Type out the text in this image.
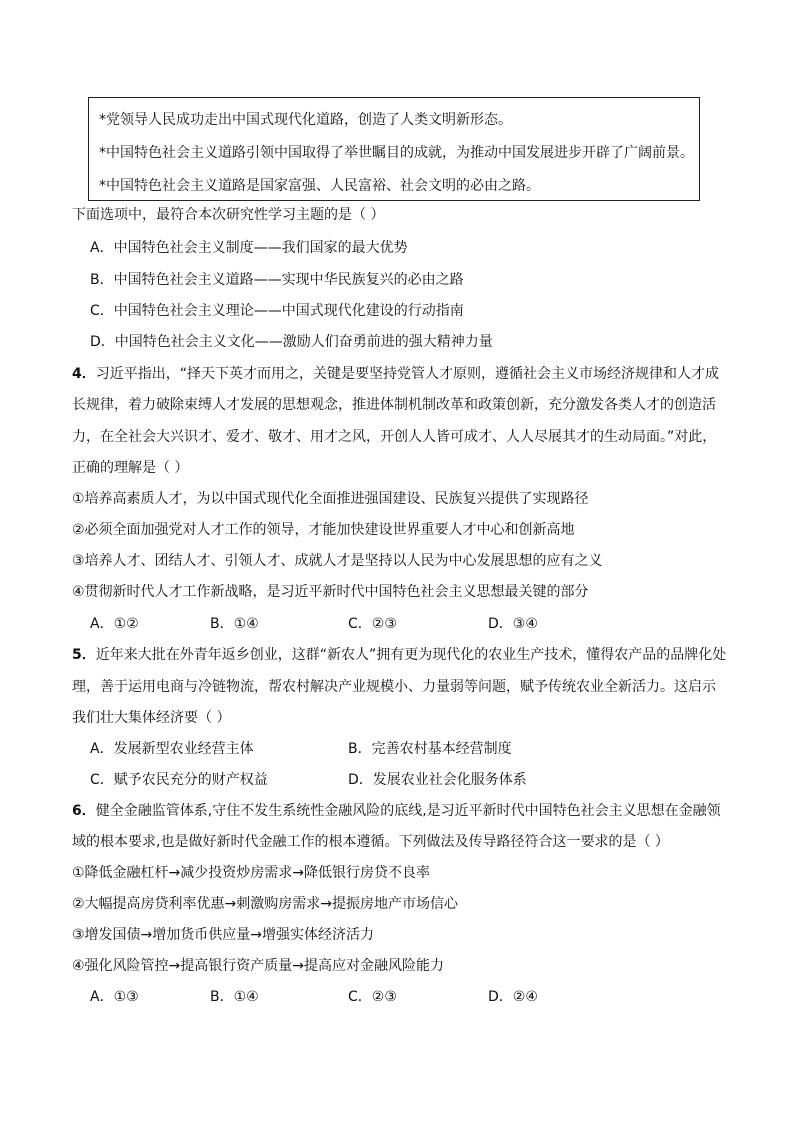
*党领导人民成功走出中国式现代化道路，创造了人类文明新形态。
*中国特色社会主义道路引领中国取得了举世瞩目的成就，为推动中国发展进步开辟了广阔前景。
*中国特色社会主义道路是国家富强、人民富裕、社会文明的必由之路。
下面选项中，最符合本次研究性学习主题的是（ ）
A．中国特色社会主义制度——我们国家的最大优势
B．中国特色社会主义道路——实现中华民族复兴的必由之路
C．中国特色社会主义理论——中国式现代化建设的行动指南
D．中国特色社会主义文化——激励人们奋勇前进的强大精神力量
4．习近平指出，“择天下英才而用之，关键是要坚持党管人才原则，遵循社会主义市场经济规律和人才成
长规律，着力破除束缚人才发展的思想观念，推进体制机制改革和政策创新，充分激发各类人才的创造活
力，在全社会大兴识才、爱才、敬才、用才之风，开创人人皆可成才、人人尽展其才的生动局面。”对此，
正确的理解是（ ）
①培养高素质人才，为以中国式现代化全面推进强国建设、民族复兴提供了实现路径
②必须全面加强党对人才工作的领导，才能加快建设世界重要人才中心和创新高地
③培养人才、团结人才、引领人才、成就人才是坚持以人民为中心发展思想的应有之义
④贯彻新时代人才工作新战略，是习近平新时代中国特色社会主义思想最关键的部分
A．①②	B．①④	C．②③	D．③④
5．近年来大批在外青年返乡创业，这群“新农人”拥有更为现代化的农业生产技术，懂得农产品的品牌化处
理，善于运用电商与冷链物流，帮农村解决产业规模小、力量弱等问题，赋予传统农业全新活力。这启示
我们壮大集体经济要（ ）
A．发展新型农业经营主体	B．完善农村基本经营制度
C．赋予农民充分的财产权益	D．发展农业社会化服务体系
6．健全金融监管体系,守住不发生系统性金融风险的底线,是习近平新时代中国特色社会主义思想在金融领
域的根本要求,也是做好新时代金融工作的根本遵循。下列做法及传导路径符合这一要求的是（ ）
①降低金融杠杆→减少投资炒房需求→降低银行房贷不良率
②大幅提高房贷利率优惠→刺激购房需求→提振房地产市场信心
③增发国债→增加货币供应量→增强实体经济活力
④强化风险管控→提高银行资产质量→提高应对金融风险能力
A．①③	B．①④	C．②③	D．②④
